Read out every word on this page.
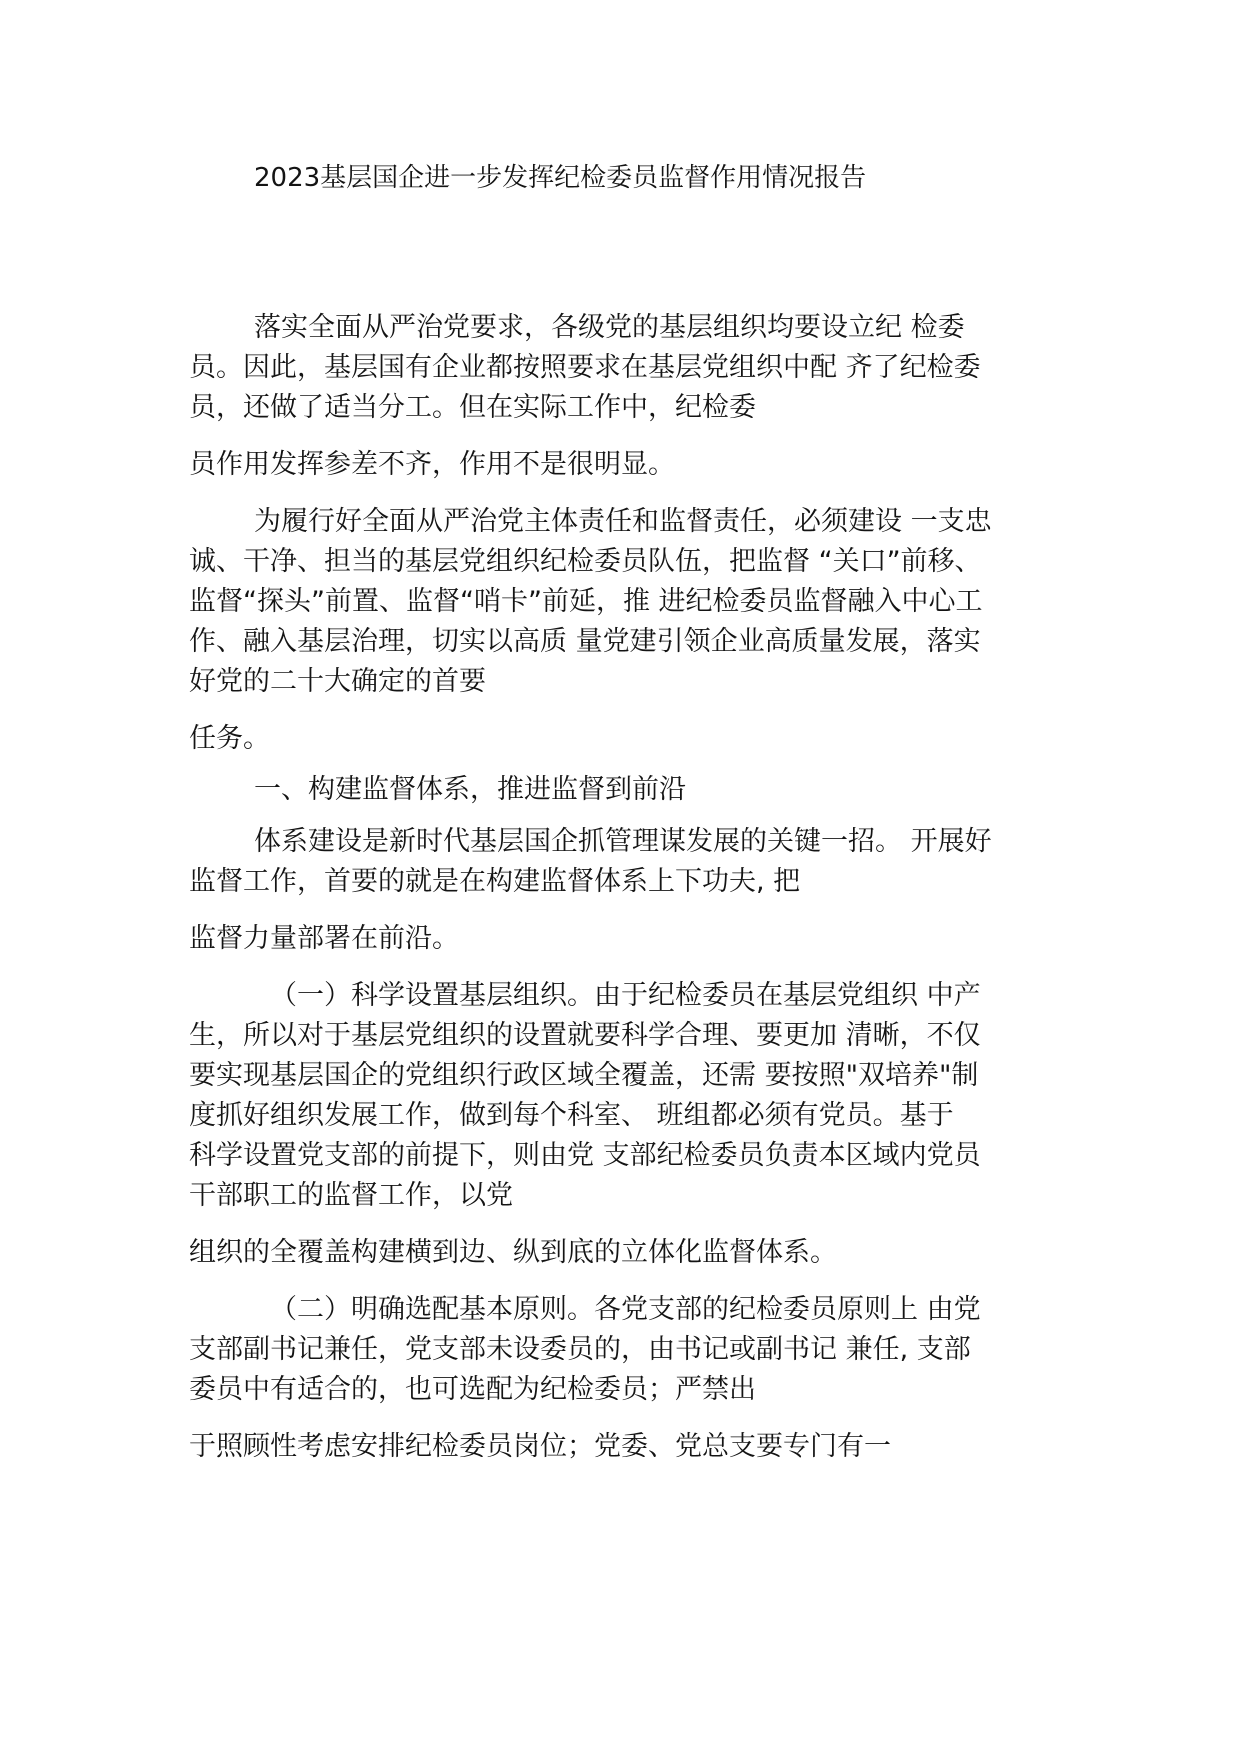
2023基层国企进一步发挥纪检委员监督作用情况报告

落实全面从严治党要求，各级党的基层组织均要设立纪 检委

员。因此，基层国有企业都按照要求在基层党组织中配 齐了纪检委

员，还做了适当分工。但在实际工作中，纪检委

员作用发挥参差不齐，作用不是很明显。

为履行好全面从严治党主体责任和监督责任，必须建设 一支忠

诚、干净、担当的基层党组织纪检委员队伍，把监督 “关口”前移、

监督“探头”前置、监督“哨卡”前延，推 进纪检委员监督融入中心工

作、融入基层治理，切实以高质 量党建引领企业高质量发展，落实

好党的二十大确定的首要

任务。

一、构建监督体系，推进监督到前沿

体系建设是新时代基层国企抓管理谋发展的关键一招。 开展好

监督工作，首要的就是在构建监督体系上下功夫, 把

监督力量部署在前沿。

（一）科学设置基层组织。由于纪检委员在基层党组织 中产

生，所以对于基层党组织的设置就要科学合理、要更加 清晰，不仅

要实现基层国企的党组织行政区域全覆盖，还需 要按照"双培养"制

度抓好组织发展工作，做到每个科室、 班组都必须有党员。基于

科学设置党支部的前提下，则由党 支部纪检委员负责本区域内党员

干部职工的监督工作，以党

组织的全覆盖构建横到边、纵到底的立体化监督体系。

（二）明确选配基本原则。各党支部的纪检委员原则上 由党

支部副书记兼任，党支部未设委员的，由书记或副书记 兼任, 支部

委员中有适合的，也可选配为纪检委员；严禁出

于照顾性考虑安排纪检委员岗位；党委、党总支要专门有一
